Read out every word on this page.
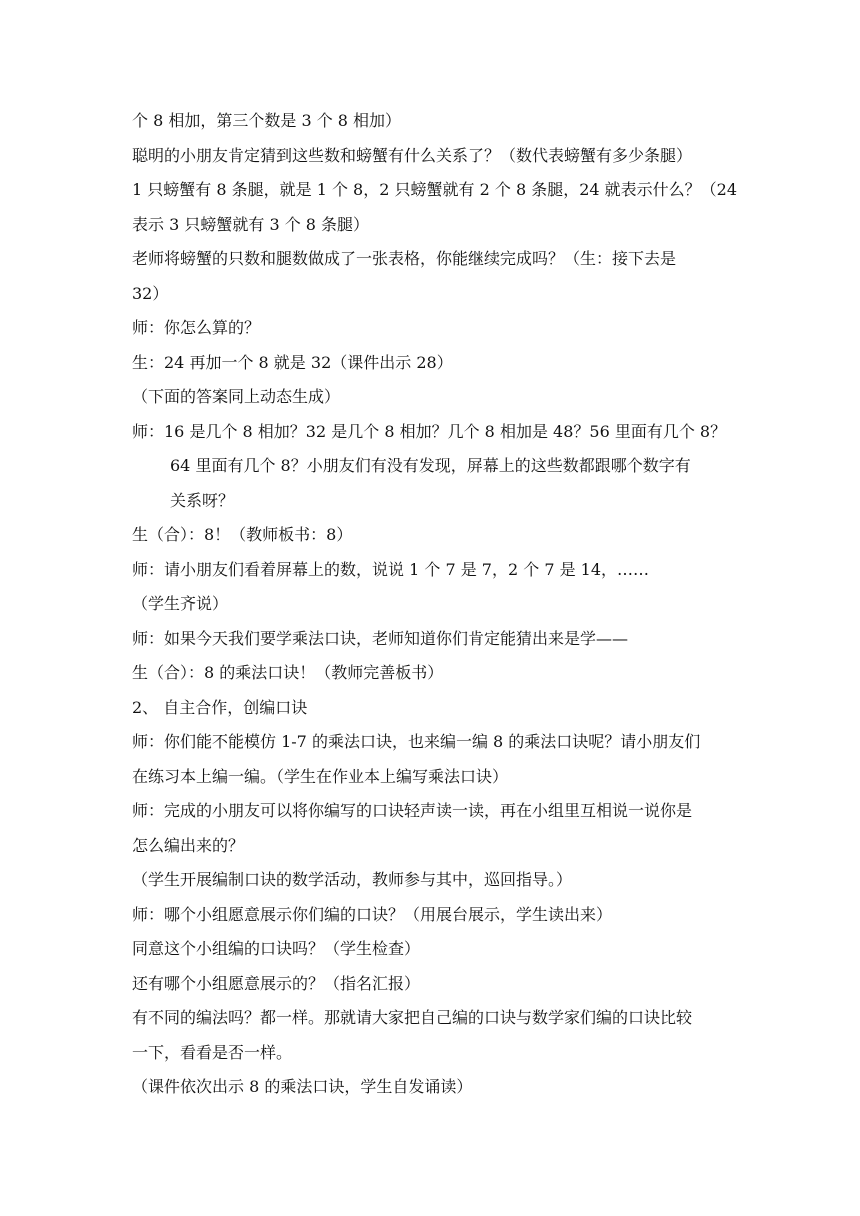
个 8 相加，第三个数是 3 个 8 相加）
聪明的小朋友肯定猜到这些数和螃蟹有什么关系了？（数代表螃蟹有多少条腿）
1 只螃蟹有 8 条腿，就是 1 个 8，2 只螃蟹就有 2 个 8 条腿，24 就表示什么？（24
表示 3 只螃蟹就有 3 个 8 条腿）
老师将螃蟹的只数和腿数做成了一张表格，你能继续完成吗？（生：接下去是
32）
师：你怎么算的？
生：24 再加一个 8 就是 32（课件出示 28）
（下面的答案同上动态生成）
师：16 是几个 8 相加？32 是几个 8 相加？几个 8 相加是 48？56 里面有几个 8？
64 里面有几个 8？小朋友们有没有发现，屏幕上的这些数都跟哪个数字有
关系呀？
生（合）：8！（教师板书：8）
师：请小朋友们看着屏幕上的数，说说 1 个 7 是 7，2 个 7 是 14，……
（学生齐说）
师：如果今天我们要学乘法口诀，老师知道你们肯定能猜出来是学——
生（合）：8 的乘法口诀！（教师完善板书）
2、 自主合作，创编口诀
师：你们能不能模仿 1-7 的乘法口诀，也来编一编 8 的乘法口诀呢？请小朋友们
在练习本上编一编。（学生在作业本上编写乘法口诀）
师：完成的小朋友可以将你编写的口诀轻声读一读，再在小组里互相说一说你是
怎么编出来的？
（学生开展编制口诀的数学活动，教师参与其中，巡回指导。）
师：哪个小组愿意展示你们编的口诀？（用展台展示，学生读出来）
同意这个小组编的口诀吗？（学生检查）
还有哪个小组愿意展示的？（指名汇报）
有不同的编法吗？都一样。那就请大家把自己编的口诀与数学家们编的口诀比较
一下，看看是否一样。
（课件依次出示 8 的乘法口诀，学生自发诵读）
